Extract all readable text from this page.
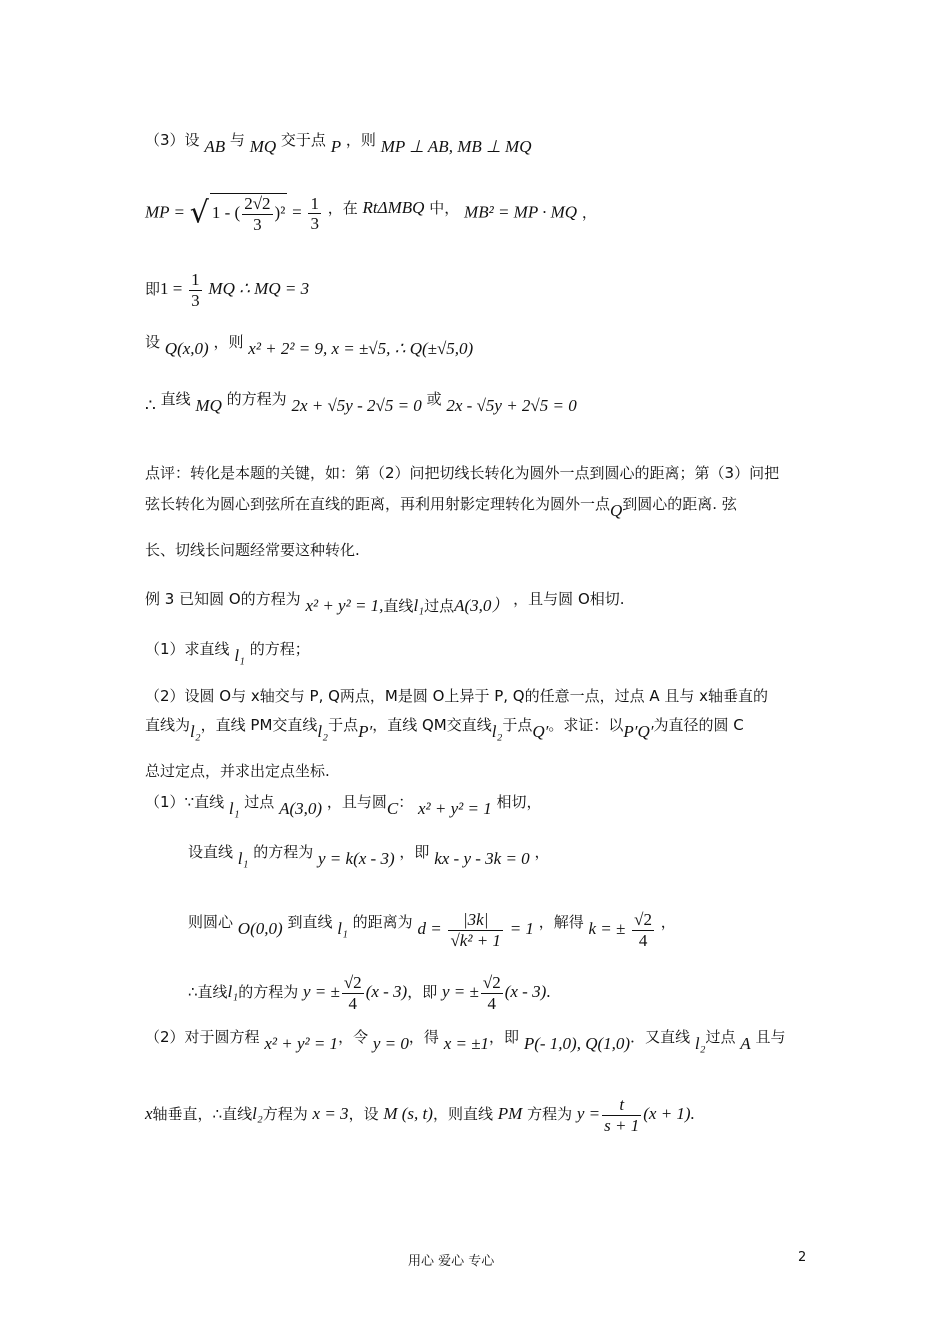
（3）设 AB 与 MQ 交于点 P ，则 MP ⊥ AB, MB ⊥ MQ
MP = √ 1 - ( $\frac{2√2}{3} )^2 = \frac{1}{3}$ ，在 RtΔMBQ 中， MB² = MP · MQ ，
即$1 = \frac{1}{3}$ MQ ∴ MQ = 3
设 Q(x,0) ，则 x² + 2² = 9, x = ±√5, ∴ Q(±√5,0)
∴ 直线 MQ 的方程为 2x + √5y - 2√5 = 0 或 2x - √5y + 2√5 = 0
点评：转化是本题的关键，如：第（2）问把切线长转化为圆外一点到圆心的距离；第（3）问把
弦长转化为圆心到弦所在直线的距离，再利用射影定理转化为圆外一点Q到圆心的距离. 弦
长、切线长问题经常要这种转化.
例 3 已知圆 O的方程为 x² + y² = 1,直线l₁过点A(3,0） ，且与圆 O相切.
（1）求直线 l₁ 的方程；
（2）设圆 O与 x轴交与 P, Q两点，M是圆 O上异于 P, Q的任意一点，过点 A 且与 x轴垂直的
直线为l₂，直线 PM交直线l₂于点P′，直线 QM交直线l₂于点Q′。求证：以P′Q′为直径的圆 C
总过定点，并求出定点坐标.
（1）∵直线 l₁ 过点 A(3,0) ，且与圆C： x² + y² = 1 相切，
设直线 l₁ 的方程为 y = k(x - 3) ，即 kx - y - 3k = 0 ，
则圆心 O(0,0) 到直线 l₁ 的距离为 $d = \frac{|3k|}{\text{√k² + 1}} = 1$ ，解得 k = ± $\frac{√2}{4}$ ，
∴直线l₁的方程为 y = ± $\frac{√2}{4} (x - 3)$，即 y = ± $\frac{√2}{4} (x - 3)$.
（2）对于圆方程 x² + y² = 1，令 y = 0，得 x = ±1，即 P(- 1,0), Q(1,0)．又直线 l₂过点 A 且与
x轴垂直，∴直线l₂方程为 x = 3，设 M (s, t)，则直线 PM 方程为 $y = \frac{t}{s + 1} (x + 1)$.
用心 爱心 专心	2
